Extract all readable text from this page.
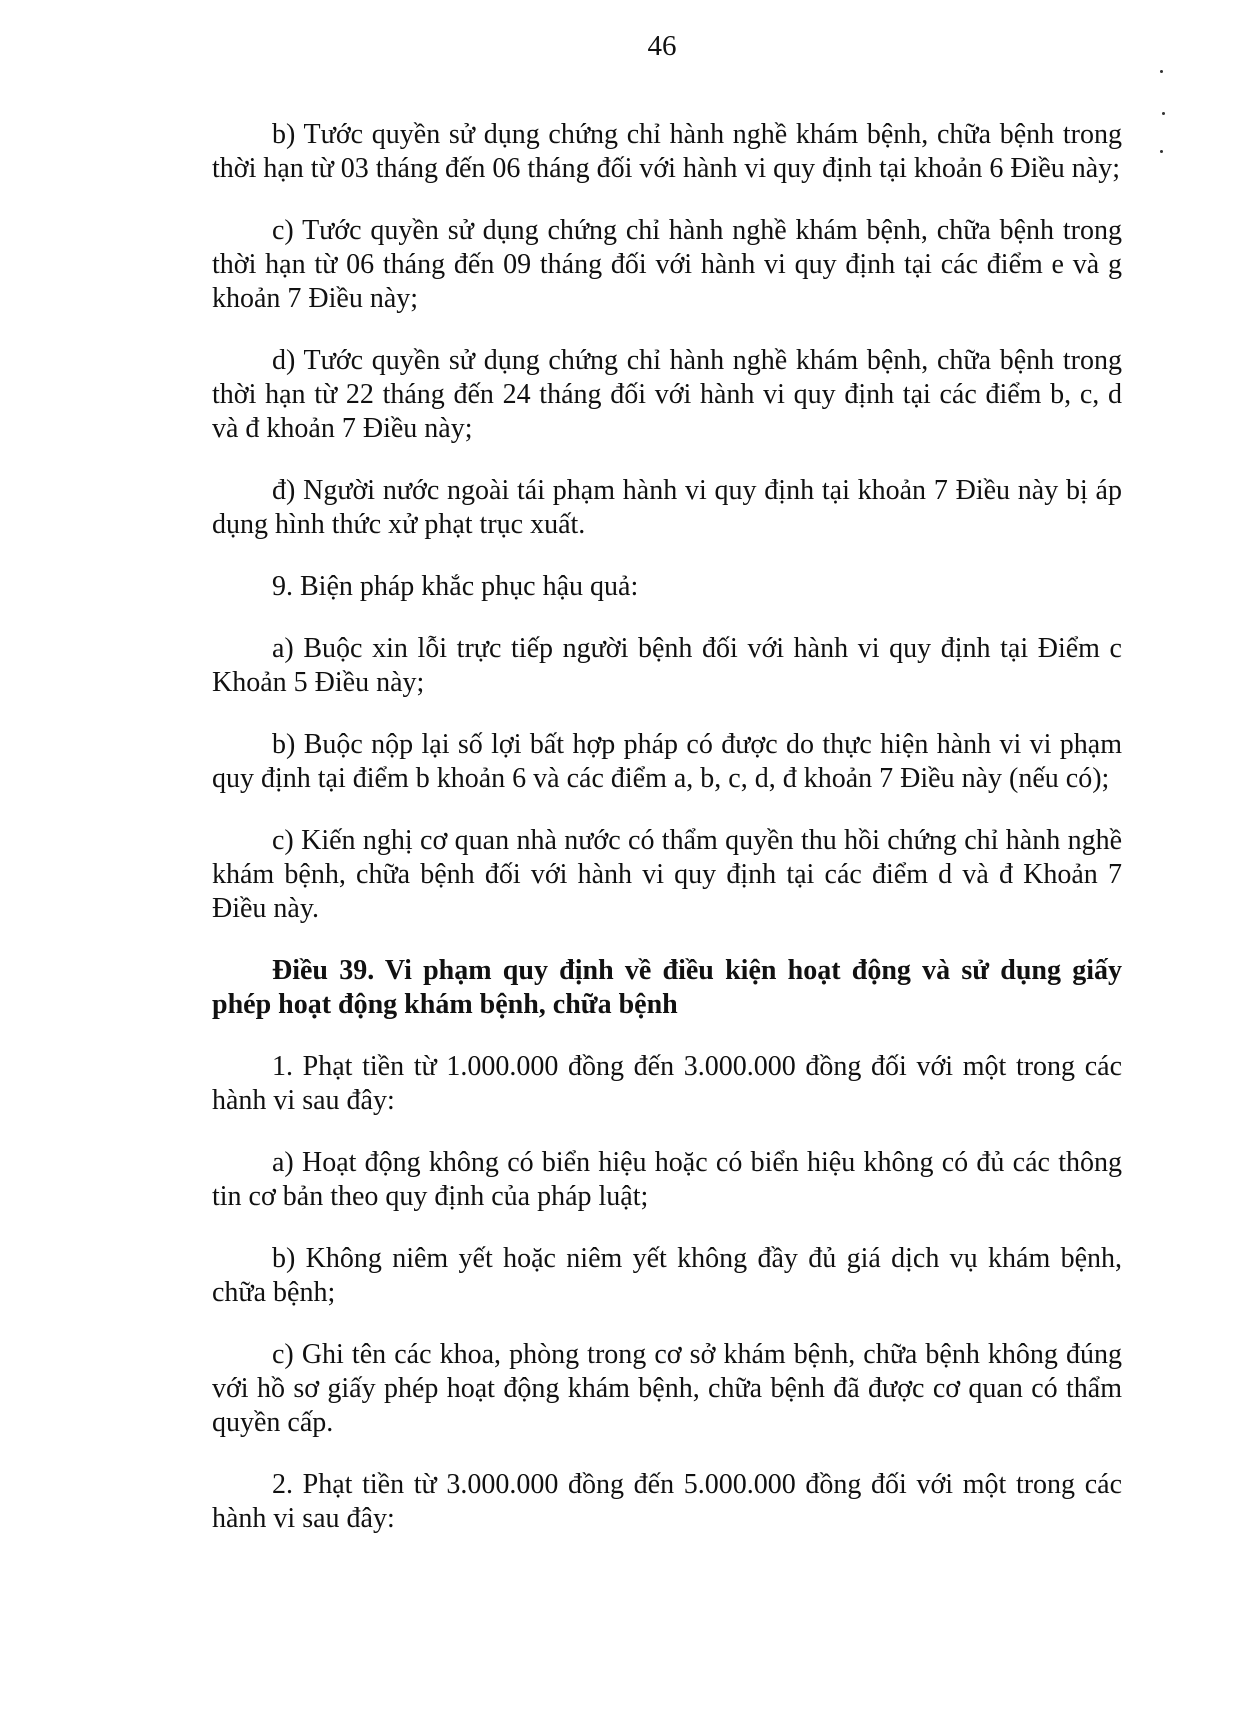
46

b) Tước quyền sử dụng chứng chỉ hành nghề khám bệnh, chữa bệnh trong thời hạn từ 03 tháng đến 06 tháng đối với hành vi quy định tại khoản 6 Điều này;

c) Tước quyền sử dụng chứng chỉ hành nghề khám bệnh, chữa bệnh trong thời hạn từ 06 tháng đến 09 tháng đối với hành vi quy định tại các điểm e và g khoản 7 Điều này;

d) Tước quyền sử dụng chứng chỉ hành nghề khám bệnh, chữa bệnh trong thời hạn từ 22 tháng đến 24 tháng đối với hành vi quy định tại các điểm b, c, d và đ khoản 7 Điều này;

đ) Người nước ngoài tái phạm hành vi quy định tại khoản 7 Điều này bị áp dụng hình thức xử phạt trục xuất.

9. Biện pháp khắc phục hậu quả:

a) Buộc xin lỗi trực tiếp người bệnh đối với hành vi quy định tại Điểm c Khoản 5 Điều này;

b) Buộc nộp lại số lợi bất hợp pháp có được do thực hiện hành vi vi phạm quy định tại điểm b khoản 6 và các điểm a, b, c, d, đ khoản 7 Điều này (nếu có);

c) Kiến nghị cơ quan nhà nước có thẩm quyền thu hồi chứng chỉ hành nghề khám bệnh, chữa bệnh đối với hành vi quy định tại các điểm d và đ Khoản 7 Điều này.

Điều 39. Vi phạm quy định về điều kiện hoạt động và sử dụng giấy phép hoạt động khám bệnh, chữa bệnh

1. Phạt tiền từ 1.000.000 đồng đến 3.000.000 đồng đối với một trong các hành vi sau đây:

a) Hoạt động không có biển hiệu hoặc có biển hiệu không có đủ các thông tin cơ bản theo quy định của pháp luật;

b) Không niêm yết hoặc niêm yết không đầy đủ giá dịch vụ khám bệnh, chữa bệnh;

c) Ghi tên các khoa, phòng trong cơ sở khám bệnh, chữa bệnh không đúng với hồ sơ giấy phép hoạt động khám bệnh, chữa bệnh đã được cơ quan có thẩm quyền cấp.

2. Phạt tiền từ 3.000.000 đồng đến 5.000.000 đồng đối với một trong các hành vi sau đây:
